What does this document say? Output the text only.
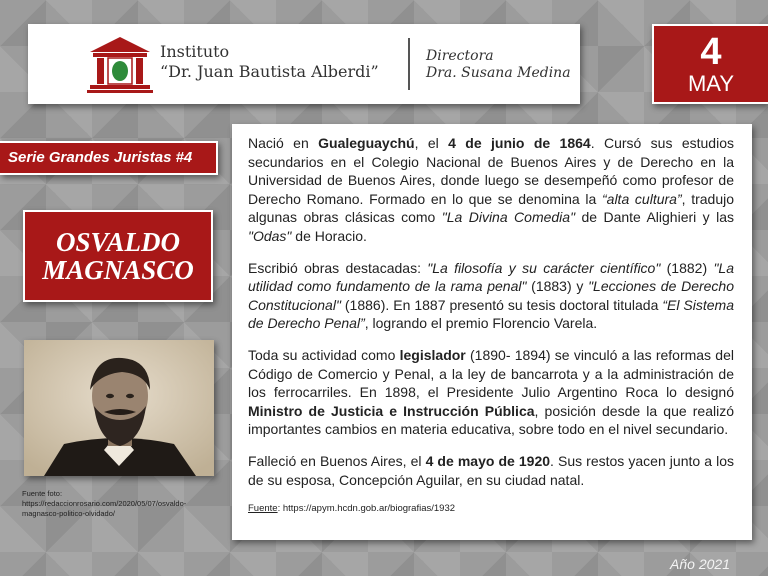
Instituto
“Dr. Juan Bautista Alberdi”
Directora
Dra. Susana Medina	4
MAY
Serie Grandes Juristas #4
OSVALDO
MAGNASCO
Fuente foto:
https://redaccionrosario.com/2020/05/07/osvaldo-
magnasco-politico-olvidado/

Nació en Gualeguaychú, el 4 de junio de 1864. Cursó sus estudios secundarios en el Colegio Nacional de Buenos Aires y de Derecho en la Universidad de Buenos Aires, donde luego se desempeñó como profesor de Derecho Romano. Formado en lo que se denomina la “alta cultura”, tradujo algunas obras clásicas como "La Divina Comedia" de Dante Alighieri y las "Odas" de Horacio.

Escribió obras destacadas: "La filosofía y su carácter científico" (1882) "La utilidad como fundamento de la rama penal" (1883) y "Lecciones de Derecho Constitucional" (1886). En 1887 presentó su tesis doctoral titulada “El Sistema de Derecho Penal”, logrando el premio Florencio Varela.

Toda su actividad como legislador (1890- 1894) se vinculó a las reformas del Código de Comercio y Penal, a la ley de bancarrota y a la administración de los ferrocarriles. En 1898, el Presidente Julio Argentino Roca lo designó Ministro de Justicia e Instrucción Pública, posición desde la que realizó importantes cambios en materia educativa, sobre todo en el nivel secundario.

Falleció en Buenos Aires, el 4 de mayo de 1920. Sus restos yacen junto a los de su esposa, Concepción Aguilar, en su ciudad natal.

Fuente: https://apym.hcdn.gob.ar/biografias/1932

Año 2021
